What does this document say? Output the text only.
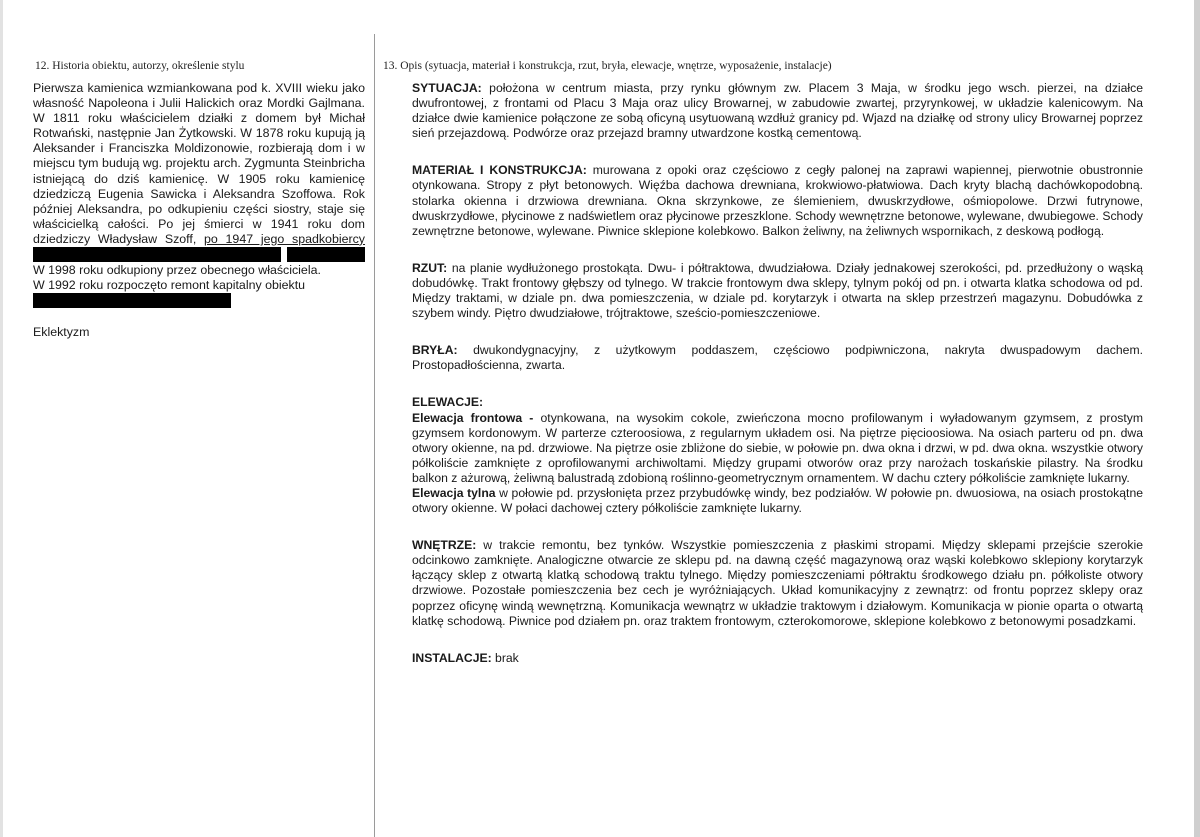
12. Historia obiektu, autorzy, określenie stylu

Pierwsza kamienica wzmiankowana pod k. XVIII wieku jako własność Napoleona i Julii Halickich oraz Mordki Gajlmana. W 1811 roku właścicielem działki z domem był Michał Rotwański, następnie Jan Żytkowski. W 1878 roku kupują ją Aleksander i Franciszka Moldizonowie, rozbierają dom i w miejscu tym budują wg. projektu arch. Zygmunta Steinbricha istniejącą do dziś kamienicę. W 1905 roku kamienicę dziedziczą Eugenia Sawicka i Aleksandra Szoffowa. Rok później Aleksandra, po odkupieniu części siostry, staje się właścicielką całości. Po jej śmierci w 1941 roku dom dziedziczy Władysław Szoff, po 1947 jego spadkobiercy W 1998 roku odkupiony przez obecnego właściciela.
W 1992 roku rozpoczęto remont kapitalny obiektu

Eklektyzm

13. Opis (sytuacja, materiał i konstrukcja, rzut, bryła, elewacje, wnętrze, wyposażenie, instalacje)

SYTUACJA: położona w centrum miasta, przy rynku głównym zw. Placem 3 Maja, w środku jego wsch. pierzei, na działce dwufrontowej, z frontami od Placu 3 Maja oraz ulicy Browarnej, w zabudowie zwartej, przyrynkowej, w układzie kalenicowym. Na działce dwie kamienice połączone ze sobą oficyną usytuowaną wzdłuż granicy pd. Wjazd na działkę od strony ulicy Browarnej poprzez sień przejazdową. Podwórze oraz przejazd bramny utwardzone kostką cementową.

MATERIAŁ I KONSTRUKCJA: murowana z opoki oraz częściowo z cegły palonej na zaprawi wapiennej, pierwotnie obustronnie otynkowana. Stropy z płyt betonowych. Więźba dachowa drewniana, krokwiowo-płatwiowa. Dach kryty blachą dachówkopodobną. stolarka okienna i drzwiowa drewniana. Okna skrzynkowe, ze ślemieniem, dwuskrzydłowe, ośmiopolowe. Drzwi futrynowe, dwuskrzydłowe, płycinowe z nadświetlem oraz płycinowe przeszklone. Schody wewnętrzne betonowe, wylewane, dwubiegowe. Schody zewnętrzne betonowe, wylewane. Piwnice sklepione kolebkowo. Balkon żeliwny, na żeliwnych wspornikach, z deskową podłogą.

RZUT: na planie wydłużonego prostokąta. Dwu- i półtraktowa, dwudziałowa. Działy jednakowej szerokości, pd. przedłużony o wąską dobudówkę. Trakt frontowy głębszy od tylnego. W trakcie frontowym dwa sklepy, tylnym pokój od pn. i otwarta klatka schodowa od pd. Między traktami, w dziale pn. dwa pomieszczenia, w dziale pd. korytarzyk i otwarta na sklep przestrzeń magazynu. Dobudówka z szybem windy. Piętro dwudziałowe, trójtraktowe, sześcio-pomieszczeniowe.

BRYŁA: dwukondygnacyjny, z użytkowym poddaszem, częściowo podpiwniczona, nakryta dwuspadowym dachem. Prostopadłościenna, zwarta.

ELEWACJE:

Elewacja frontowa - otynkowana, na wysokim cokole, zwieńczona mocno profilowanym i wyładowanym gzymsem, z prostym gzymsem kordonowym. W parterze czteroosiowa, z regularnym układem osi. Na piętrze pięcioosiowa. Na osiach parteru od pn. dwa otwory okienne, na pd. drzwiowe. Na piętrze osie zbliżone do siebie, w połowie pn. dwa okna i drzwi, w pd. dwa okna. wszystkie otwory półkoliście zamknięte z oprofilowanymi archiwoltami. Między grupami otworów oraz przy narożach toskańskie pilastry. Na środku balkon z ażurową, żeliwną balustradą zdobioną roślinno-geometrycznym ornamentem. W dachu cztery półkoliście zamknięte lukarny.

Elewacja tylna w połowie pd. przysłonięta przez przybudówkę windy, bez podziałów. W połowie pn. dwuosiowa, na osiach prostokątne otwory okienne. W połaci dachowej cztery półkoliście zamknięte lukarny.

WNĘTRZE: w trakcie remontu, bez tynków. Wszystkie pomieszczenia z płaskimi stropami. Między sklepami przejście szerokie odcinkowo zamknięte. Analogiczne otwarcie ze sklepu pd. na dawną część magazynową oraz wąski kolebkowo sklepiony korytarzyk łączący sklep z otwartą klatką schodową traktu tylnego. Między pomieszczeniami półtraktu środkowego działu pn. półkoliste otwory drzwiowe. Pozostałe pomieszczenia bez cech je wyróżniających. Układ komunikacyjny z zewnątrz: od frontu poprzez sklepy oraz poprzez oficynę windą wewnętrzną. Komunikacja wewnątrz w układzie traktowym i działowym. Komunikacja w pionie oparta o otwartą klatkę schodową. Piwnice pod działem pn. oraz traktem frontowym, czterokomorowe, sklepione kolebkowo z betonowymi posadzkami.

INSTALACJE: brak
